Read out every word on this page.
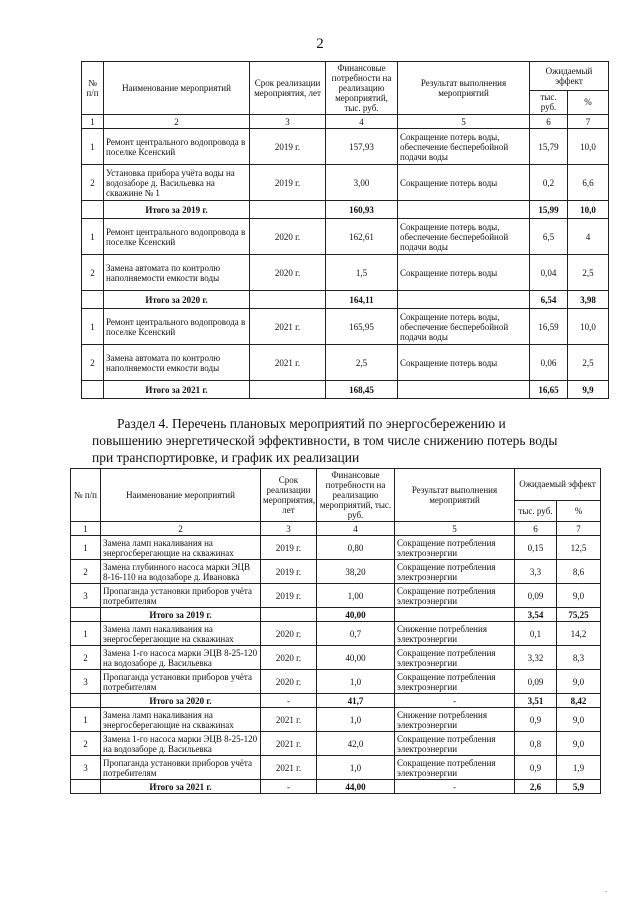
2
№ п/п	Наименование мероприятий	Срок реализации мероприятия, лет	Финансовые потребности на реализацию мероприятий, тыс. руб.	Результат выполнения мероприятий	Ожидаемый эффект	
					тыс. руб.	%
1	2	3	4	5	6	7
1	Ремонт центрального водопровода в поселке Ксенский	2019 г.	157,93	Сокращение потерь воды, обеспечение бесперебойной подачи воды	15,79	10,0
2	Установка прибора учёта воды на водозаборе д. Васильевка на скважине № 1	2019 г.	3,00	Сокращение потерь воды	0,2	6,6
	Итого за 2019 г.		160,93		15,99	10,0
1	Ремонт центрального водопровода в поселке Ксенский	2020 г.	162,61	Сокращение потерь воды, обеспечение бесперебойной подачи воды	6,5	4
2	Замена автомата по контролю наполняемости емкости воды	2020 г.	1,5	Сокращение потерь воды	0,04	2,5
	Итого за 2020 г.		164,11		6,54	3,98
1	Ремонт центрального водопровода в поселке Ксенский	2021 г.	165,95	Сокращение потерь воды, обеспечение бесперебойной подачи воды	16,59	10,0
2	Замена автомата по контролю наполняемости емкости воды	2021 г.	2,5	Сокращение потерь воды	0,06	2,5
	Итого за 2021 г.		168,45		16,65	9,9
Раздел 4. Перечень плановых мероприятий по энергосбережению и
повышению энергетической эффективности, в том числе снижению потерь воды
при транспортировке, и график их реализации
№ п/п	Наименование мероприятий	Срок реализации мероприятия, лет	Финансовые потребности на реализацию мероприятий, тыс. руб.	Результат выполнения мероприятий	Ожидаемый эффект	
					тыс. руб.	%
1	2	3	4	5	6	7
1	Замена ламп накаливания на энергосберегающие на скважинах	2019 г.	0,80	Сокращение потребления электроэнергии	0,15	12,5
2	Замена глубинного насоса марки ЭЦВ 8-16-110 на водозаборе д. Ивановка	2019 г.	38,20	Сокращение потребления электроэнергии	3,3	8,6
3	Пропаганда установки приборов учёта потребителям	2019 г.	1,00	Сокращение потребления электроэнергии	0,09	9,0
	Итого за 2019 г.		40,00		3,54	75,25
1	Замена ламп накаливания на энергосберегающие на скважинах	2020 г.	0,7	Снижение потребления электроэнергии	0,1	14,2
2	Замена 1-го насоса марки ЭЦВ 8-25-120 на водозаборе д. Васильевка	2020 г.	40,00	Сокращение потребления электроэнергии	3,32	8,3
3	Пропаганда установки приборов учёта потребителям	2020 г.	1,0	Сокращение потребления электроэнергии	0,09	9,0
	Итого за 2020 г.	-	41,7	-	3,51	8,42
1	Замена ламп накаливания на энергосберегающие на скважинах	2021 г.	1,0	Снижение потребления электроэнергии	0,9	9,0
2	Замена 1-го насоса марки ЭЦВ 8-25-120 на водозаборе д. Васильевка	2021 г.	42,0	Сокращение потребления электроэнергии	0,8	9,0
3	Пропаганда установки приборов учёта потребителям	2021 г.	1,0	Сокращение потребления электроэнергии	0,9	1,9
	Итого за 2021 г.	-	44,00	-	2,6	5,9
.
